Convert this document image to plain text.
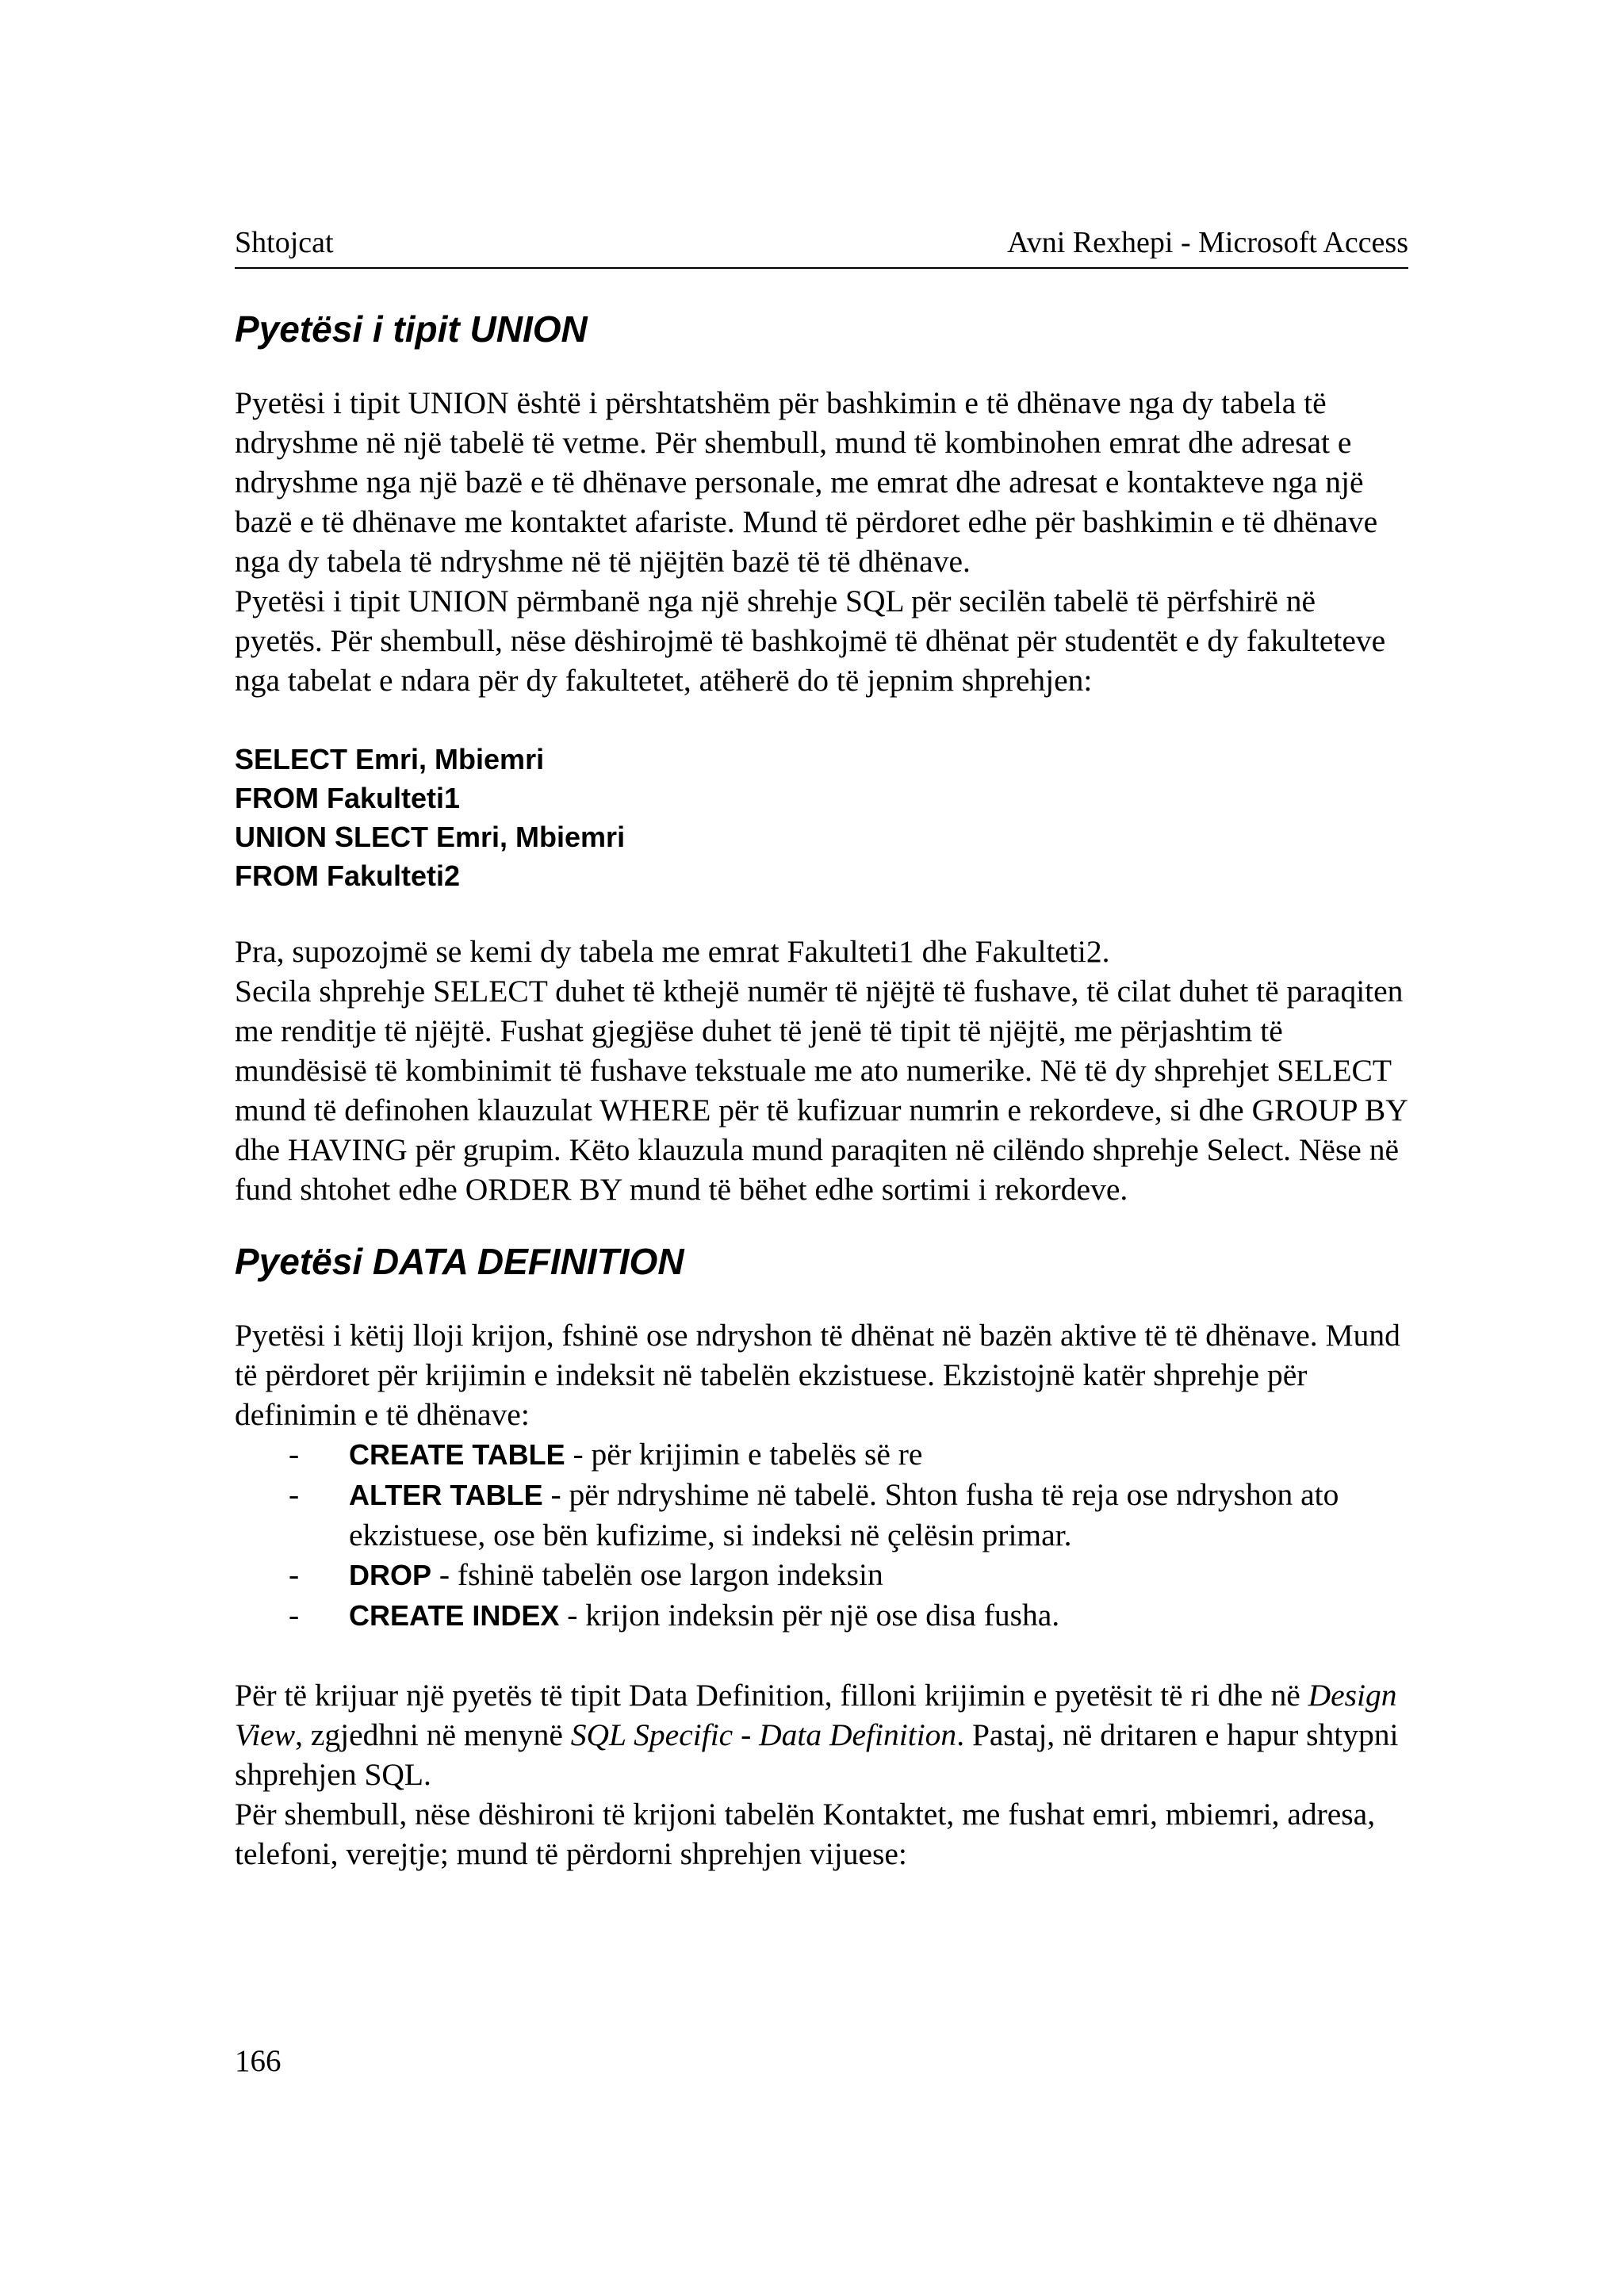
Shtojcat	Avni Rexhepi - Microsoft Access
Pyetësi i tipit UNION

Pyetësi i tipit UNION është i përshtatshëm për bashkimin e të dhënave nga dy tabela të ndryshme në një tabelë të vetme. Për shembull, mund të kombinohen emrat dhe adresat e ndryshme nga një bazë e të dhënave personale, me emrat dhe adresat e kontakteve nga një bazë e të dhënave me kontaktet afariste. Mund të përdoret edhe për bashkimin e të dhënave nga dy tabela të ndryshme në të njëjtën bazë të të dhënave.

Pyetësi i tipit UNION përmbanë nga një shrehje SQL për secilën tabelë të përfshirë në pyetës. Për shembull, nëse dëshirojmë të bashkojmë të dhënat për studentët e dy fakulteteve nga tabelat e ndara për dy fakultetet, atëherë do të jepnim shprehjen:

SELECT Emri, Mbiemri
FROM Fakulteti1
UNION SLECT Emri, Mbiemri
FROM Fakulteti2

Pra, supozojmë se kemi dy tabela me emrat Fakulteti1 dhe Fakulteti2.

Secila shprehje SELECT duhet të kthejë numër të njëjtë të fushave, të cilat duhet të paraqiten me renditje të njëjtë. Fushat gjegjëse duhet të jenë të tipit të njëjtë, me përjashtim të mundësisë të kombinimit të fushave tekstuale me ato numerike. Në të dy shprehjet SELECT mund të definohen klauzulat WHERE për të kufizuar numrin e rekordeve, si dhe GROUP BY dhe HAVING për grupim. Këto klauzula mund paraqiten në cilëndo shprehje Select. Nëse në fund shtohet edhe ORDER BY mund të bëhet edhe sortimi i rekordeve.

Pyetësi DATA DEFINITION

Pyetësi i këtij lloji krijon, fshinë ose ndryshon të dhënat në bazën aktive të të dhënave. Mund të përdoret për krijimin e indeksit në tabelën ekzistuese. Ekzistojnë katër shprehje për definimin e të dhënave:

- CREATE TABLE - për krijimin e tabelës së re
- ALTER TABLE - për ndryshime në tabelë. Shton fusha të reja ose ndryshon ato ekzistuese, ose bën kufizime, si indeksi në çelësin primar.
- DROP - fshinë tabelën ose largon indeksin
- CREATE INDEX - krijon indeksin për një ose disa fusha.

Për të krijuar një pyetës të tipit Data Definition, filloni krijimin e pyetësit të ri dhe në Design View, zgjedhni në menynë SQL Specific - Data Definition. Pastaj, në dritaren e hapur shtypni shprehjen SQL.

Për shembull, nëse dëshironi të krijoni tabelën Kontaktet, me fushat emri, mbiemri, adresa, telefoni, verejtje; mund të përdorni shprehjen vijuese:

166
